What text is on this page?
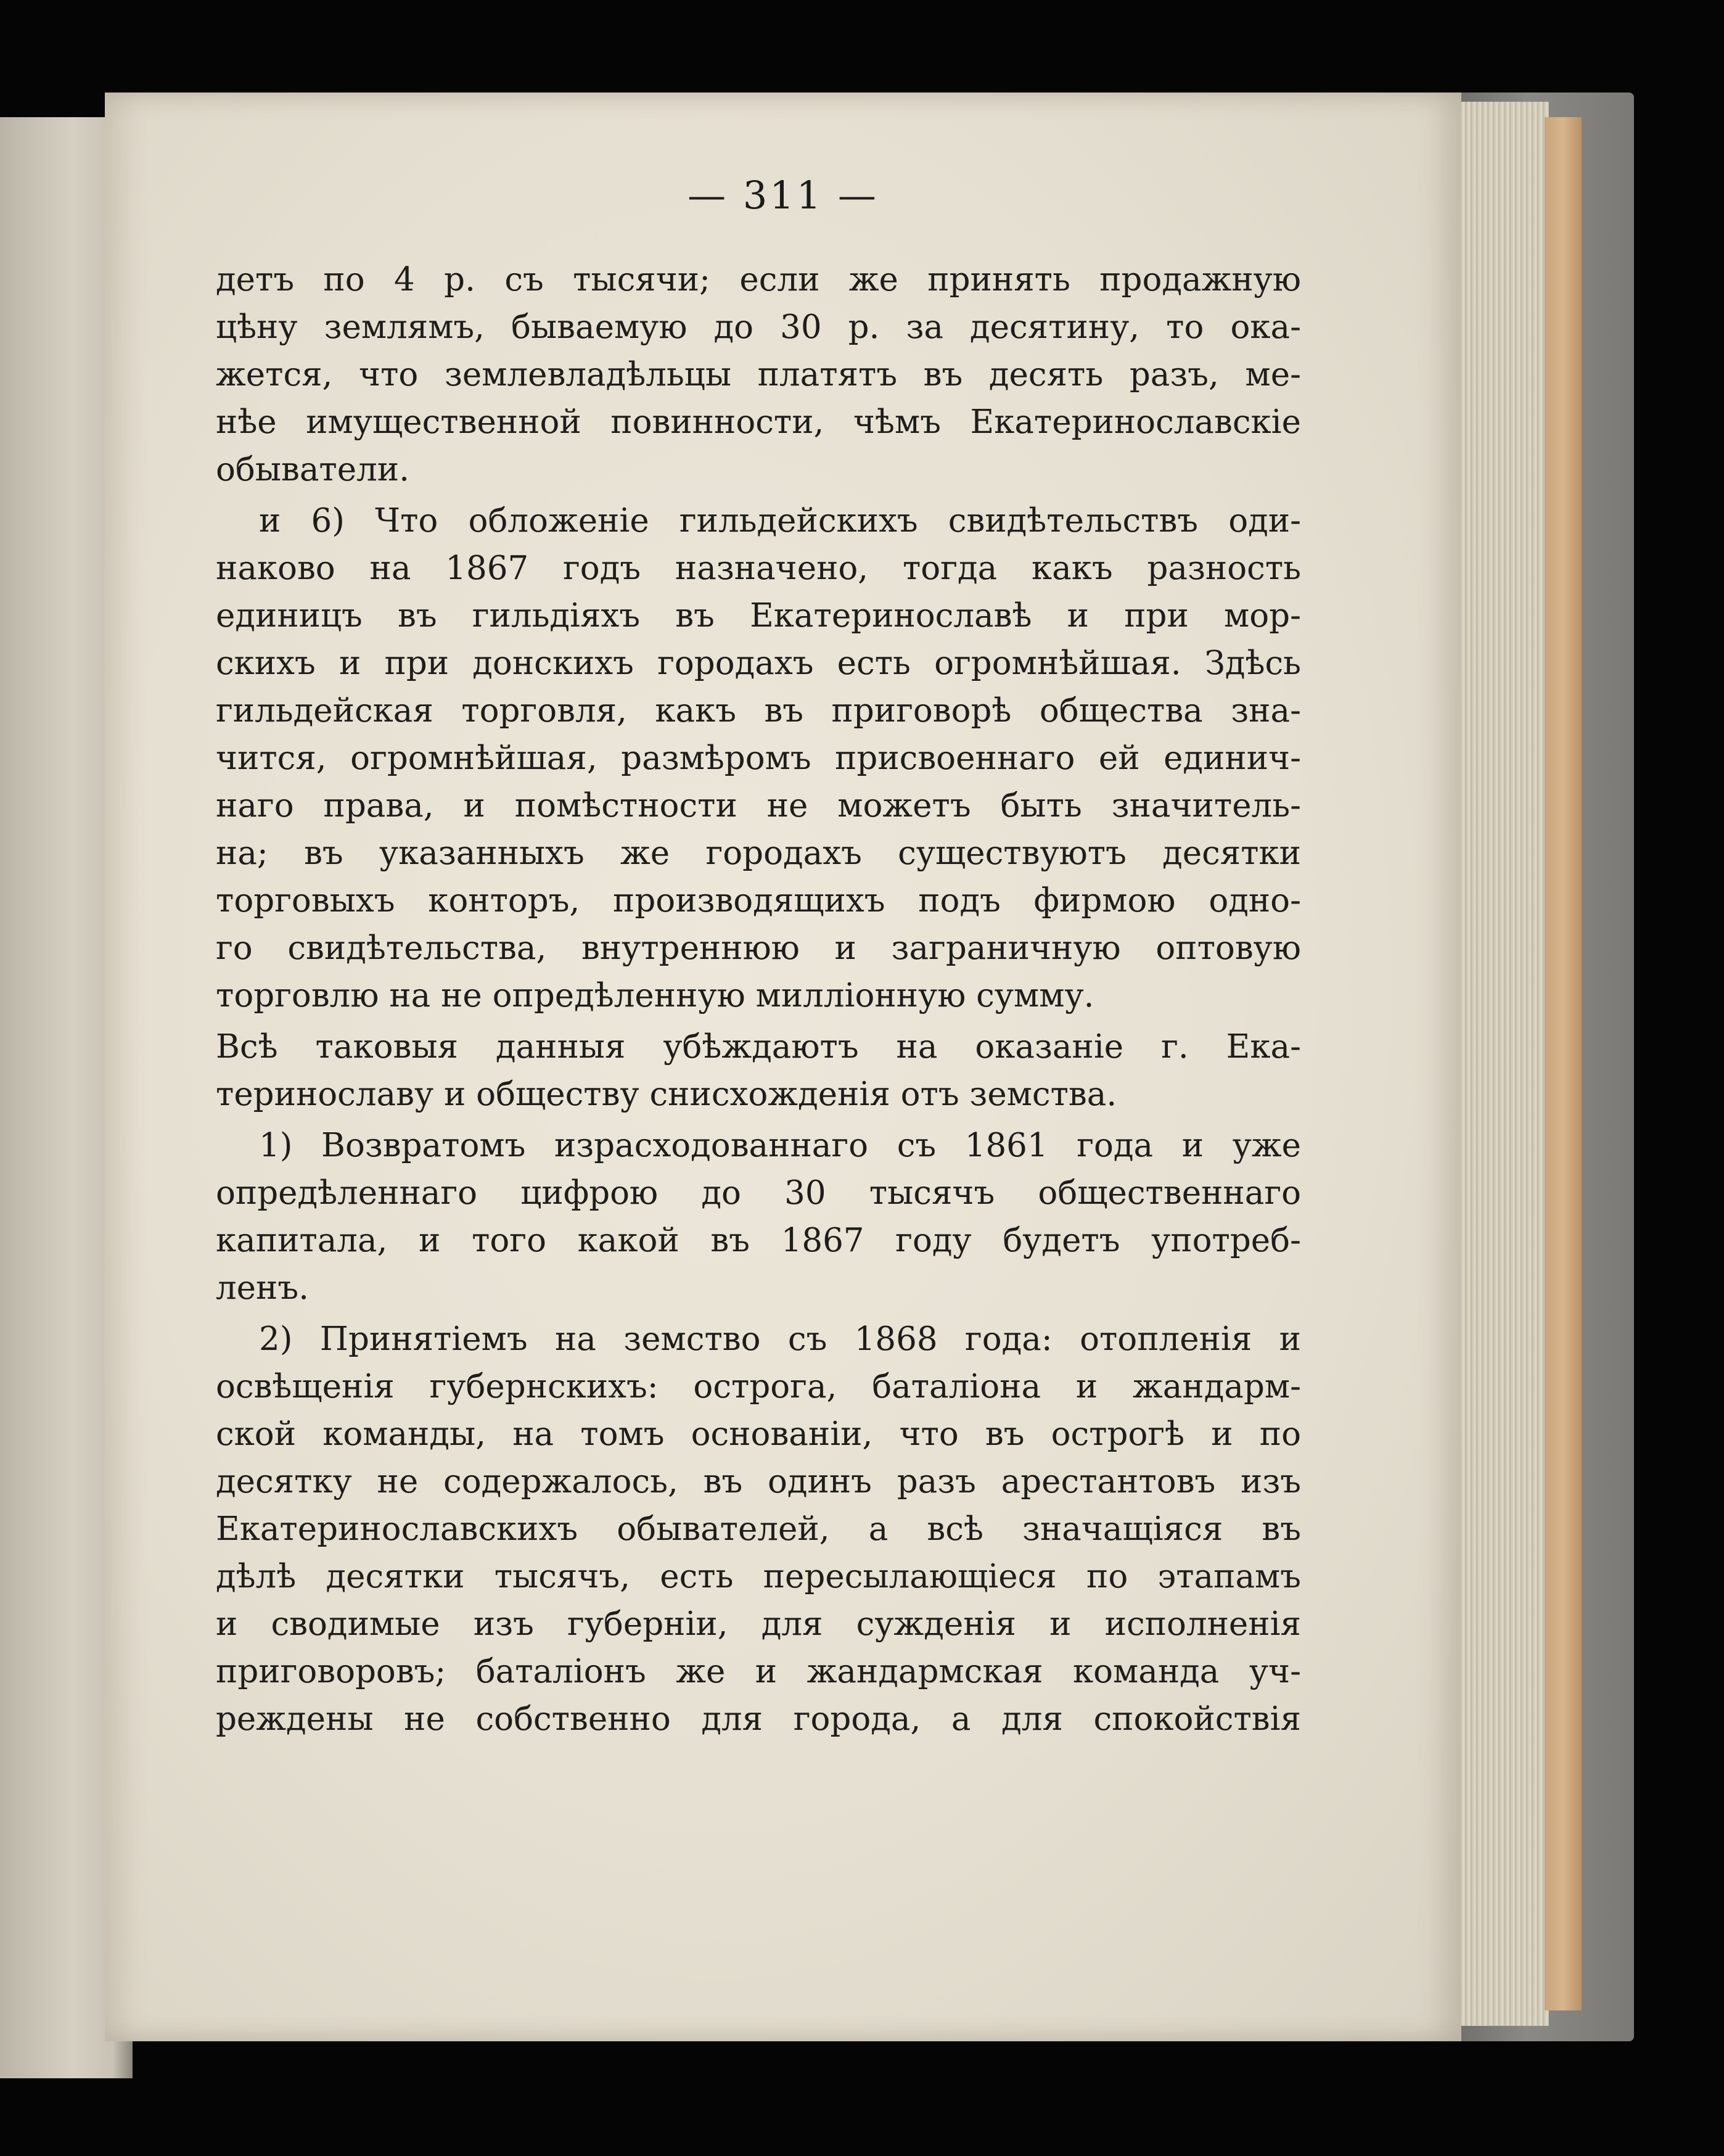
— 311 —
детъ по 4 р. съ тысячи; если же принять продажную
цѣну землямъ, бываемую до 30 р. за десятину, то ока-
жется, что землевладѣльцы платятъ въ десять разъ, ме-
нѣе имущественной повинности, чѣмъ Екатеринославскіе
обыватели.
и 6) Что обложеніе гильдейскихъ свидѣтельствъ оди-
наково на 1867 годъ назначено, тогда какъ разность
единицъ въ гильдіяхъ въ Екатеринославѣ и при мор-
скихъ и при донскихъ городахъ есть огромнѣйшая. Здѣсь
гильдейская торговля, какъ въ приговорѣ общества зна-
чится, огромнѣйшая, размѣромъ присвоеннаго ей единич-
наго права, и помѣстности не можетъ быть значитель-
на; въ указанныхъ же городахъ существуютъ десятки
торговыхъ конторъ, производящихъ подъ фирмою одно-
го свидѣтельства, внутреннюю и заграничную оптовую
торговлю на не опредѣленную милліонную сумму.
Всѣ таковыя данныя убѣждаютъ на оказаніе г. Ека-
теринославу и обществу снисхожденія отъ земства.
1) Возвратомъ израсходованнаго съ 1861 года и уже
опредѣленнаго цифрою до 30 тысячъ общественнаго
капитала, и того какой въ 1867 году будетъ употреб-
ленъ.
2) Принятіемъ на земство съ 1868 года: отопленія и
освѣщенія губернскихъ: острога, баталіона и жандарм-
ской команды, на томъ основаніи, что въ острогѣ и по
десятку не содержалось, въ одинъ разъ арестантовъ изъ
Екатеринославскихъ обывателей, а всѣ значащіяся въ
дѣлѣ десятки тысячъ, есть пересылающіеся по этапамъ
и сводимые изъ губерніи, для сужденія и исполненія
приговоровъ; баталіонъ же и жандармская команда уч-
реждены не собственно для города, а для спокойствія
